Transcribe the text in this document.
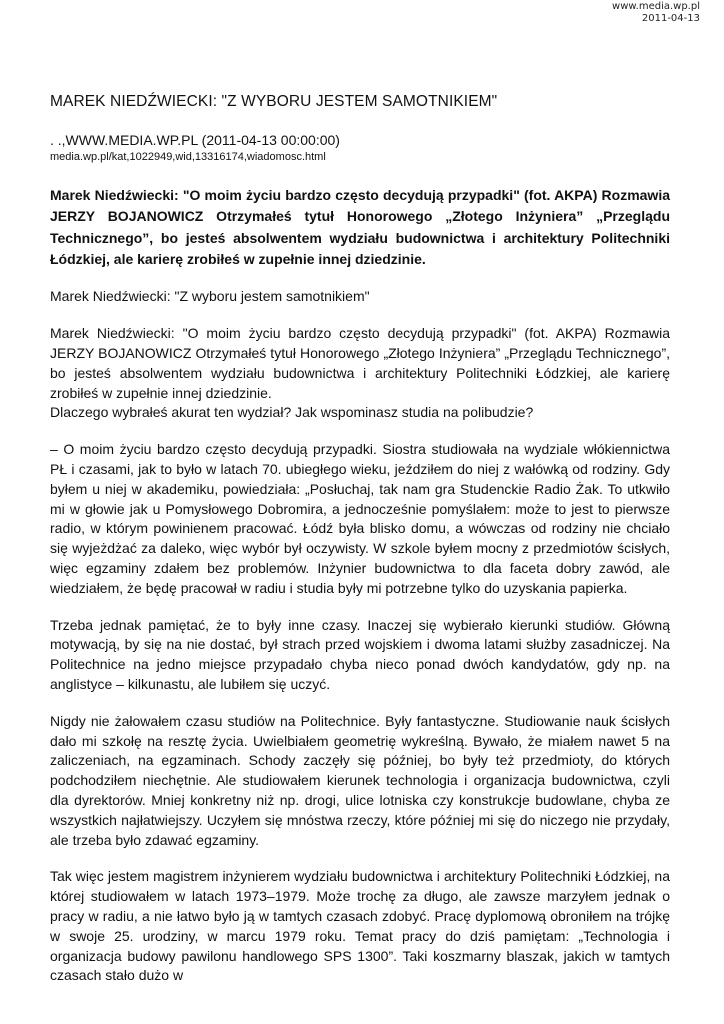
www.media.wp.pl
2011-04-13
MAREK NIEDŹWIECKI: "Z WYBORU JESTEM SAMOTNIKIEM"
. .,WWW.MEDIA.WP.PL (2011-04-13 00:00:00)
media.wp.pl/kat,1022949,wid,13316174,wiadomosc.html

Marek Niedźwiecki: "O moim życiu bardzo często decydują przypadki" (fot. AKPA) Rozmawia JERZY BOJANOWICZ Otrzymałeś tytuł Honorowego „Złotego Inżyniera” „Przeglądu Technicznego”, bo jesteś absolwentem wydziału budownictwa i architektury Politechniki Łódzkiej, ale karierę zrobiłeś w zupełnie innej dziedzinie.

Marek Niedźwiecki: "Z wyboru jestem samotnikiem"

Marek Niedźwiecki: "O moim życiu bardzo często decydują przypadki" (fot. AKPA) Rozmawia JERZY BOJANOWICZ Otrzymałeś tytuł Honorowego „Złotego Inżyniera” „Przeglądu Technicznego”, bo jesteś absolwentem wydziału budownictwa i architektury Politechniki Łódzkiej, ale karierę zrobiłeś w zupełnie innej dziedzinie.
Dlaczego wybrałeś akurat ten wydział? Jak wspominasz studia na polibudzie?

– O moim życiu bardzo często decydują przypadki. Siostra studiowała na wydziale włókiennictwa PŁ i czasami, jak to było w latach 70. ubiegłego wieku, jeździłem do niej z wałówką od rodziny. Gdy byłem u niej w akademiku, powiedziała: „Posłuchaj, tak nam gra Studenckie Radio Żak. To utkwiło mi w głowie jak u Pomysłowego Dobromira, a jednocześnie pomyślałem: może to jest to pierwsze radio, w którym powinienem pracować. Łódź była blisko domu, a wówczas od rodziny nie chciało się wyjeżdżać za daleko, więc wybór był oczywisty. W szkole byłem mocny z przedmiotów ścisłych, więc egzaminy zdałem bez problemów. Inżynier budownictwa to dla faceta dobry zawód, ale wiedziałem, że będę pracował w radiu i studia były mi potrzebne tylko do uzyskania papierka.

Trzeba jednak pamiętać, że to były inne czasy. Inaczej się wybierało kierunki studiów. Główną motywacją, by się na nie dostać, był strach przed wojskiem i dwoma latami służby zasadniczej. Na Politechnice na jedno miejsce przypadało chyba nieco ponad dwóch kandydatów, gdy np. na anglistyce – kilkunastu, ale lubiłem się uczyć.

Nigdy nie żałowałem czasu studiów na Politechnice. Były fantastyczne. Studiowanie nauk ścisłych dało mi szkołę na resztę życia. Uwielbiałem geometrię wykreślną. Bywało, że miałem nawet 5 na zaliczeniach, na egzaminach. Schody zaczęły się później, bo były też przedmioty, do których podchodziłem niechętnie. Ale studiowałem kierunek technologia i organizacja budownictwa, czyli dla dyrektorów. Mniej konkretny niż np. drogi, ulice lotniska czy konstrukcje budowlane, chyba ze wszystkich najłatwiejszy. Uczyłem się mnóstwa rzeczy, które później mi się do niczego nie przydały, ale trzeba było zdawać egzaminy.

Tak więc jestem magistrem inżynierem wydziału budownictwa i architektury Politechniki Łódzkiej, na której studiowałem w latach 1973–1979. Może trochę za długo, ale zawsze marzyłem jednak o pracy w radiu, a nie łatwo było ją w tamtych czasach zdobyć. Pracę dyplomową obroniłem na trójkę w swoje 25. urodziny, w marcu 1979 roku. Temat pracy do dziś pamiętam: „Technologia i organizacja budowy pawilonu handlowego SPS 1300”. Taki koszmarny blaszak, jakich w tamtych czasach stało dużo w
